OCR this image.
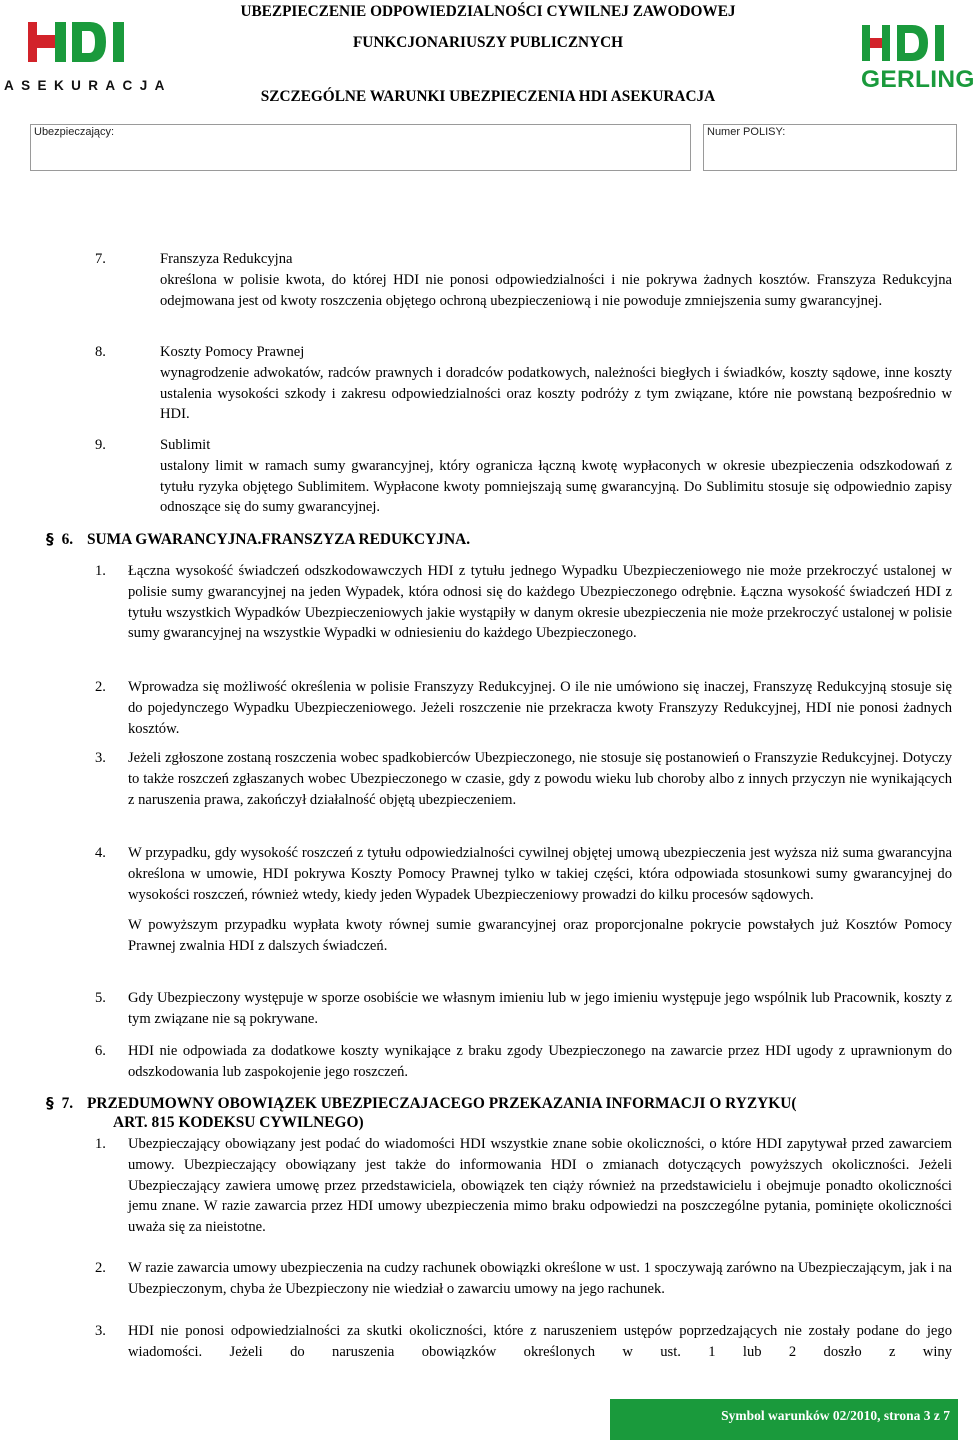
ASEKURACJA
UBEZPIECZENIE ODPOWIEDZIALNOŚCI CYWILNEJ ZAWODOWEJ
FUNKCJONARIUSZY PUBLICZNYCH
SZCZEGÓLNE WARUNKI UBEZPIECZENIA HDI ASEKURACJA
GERLING
Ubezpieczający:	Numer POLISY:
7.	Franszyza Redukcyjna

określona w polisie kwota, do której HDI nie ponosi odpowiedzialności i nie pokrywa żadnych kosztów. Franszyza Redukcyjna odejmowana jest od kwoty roszczenia objętego ochroną ubezpieczeniową i nie powoduje zmniejszenia sumy gwarancyjnej.

8.	Koszty Pomocy Prawnej

wynagrodzenie adwokatów, radców prawnych i doradców podatkowych, należności biegłych i świadków, koszty sądowe, inne koszty ustalenia wysokości szkody i zakresu odpowiedzialności oraz koszty podróży z tym związane, które nie powstaną bezpośrednio w HDI.

9.	Sublimit

ustalony limit w ramach sumy gwarancyjnej, który ogranicza łączną kwotę wypłaconych w okresie ubezpieczenia odszkodowań z tytułu ryzyka objętego Sublimitem. Wypłacone kwoty pomniejszają sumę gwarancyjną. Do Sublimitu stosuje się odpowiednio zapisy odnoszące się do sumy gwarancyjnej.

§ 6. SUMA GWARANCYJNA.FRANSZYZA REDUKCYJNA.
1. Łączna wysokość świadczeń odszkodowawczych HDI z tytułu jednego Wypadku Ubezpieczeniowego nie może przekroczyć ustalonej w polisie sumy gwarancyjnej na jeden Wypadek, która odnosi się do każdego Ubezpieczonego odrębnie. Łączna wysokość świadczeń HDI z tytułu wszystkich Wypadków Ubezpieczeniowych jakie wystąpiły w danym okresie ubezpieczenia nie może przekroczyć ustalonej w polisie sumy gwarancyjnej na wszystkie Wypadki w odniesieniu do każdego Ubezpieczonego.

2. Wprowadza się możliwość określenia w polisie Franszyzy Redukcyjnej. O ile nie umówiono się inaczej, Franszyzę Redukcyjną stosuje się do pojedynczego Wypadku Ubezpieczeniowego. Jeżeli roszczenie nie przekracza kwoty Franszyzy Redukcyjnej, HDI nie ponosi żadnych kosztów.

3. Jeżeli zgłoszone zostaną roszczenia wobec spadkobierców Ubezpieczonego, nie stosuje się postanowień o Franszyzie Redukcyjnej. Dotyczy to także roszczeń zgłaszanych wobec Ubezpieczonego w czasie, gdy z powodu wieku lub choroby albo z innych przyczyn nie wynikających z naruszenia prawa, zakończył działalność objętą ubezpieczeniem.

4. W przypadku, gdy wysokość roszczeń z tytułu odpowiedzialności cywilnej objętej umową ubezpieczenia jest wyższa niż suma gwarancyjna określona w umowie, HDI pokrywa Koszty Pomocy Prawnej tylko w takiej części, która odpowiada stosunkowi sumy gwarancyjnej do wysokości roszczeń, również wtedy, kiedy jeden Wypadek Ubezpieczeniowy prowadzi do kilku procesów sądowych.

W powyższym przypadku wypłata kwoty równej sumie gwarancyjnej oraz proporcjonalne pokrycie powstałych już Kosztów Pomocy Prawnej zwalnia HDI z dalszych świadczeń.

5. Gdy Ubezpieczony występuje w sporze osobiście we własnym imieniu lub w jego imieniu występuje jego wspólnik lub Pracownik, koszty z tym związane nie są pokrywane.

6. HDI nie odpowiada za dodatkowe koszty wynikające z braku zgody Ubezpieczonego na zawarcie przez HDI ugody z uprawnionym do odszkodowania lub zaspokojenie jego roszczeń.

§ 7. PRZEDUMOWNY OBOWIĄZEK UBEZPIECZAJACEGO PRZEKAZANIA INFORMACJI O RYZYKU(
ART. 815 KODEKSU CYWILNEGO)
1. Ubezpieczający obowiązany jest podać do wiadomości HDI wszystkie znane sobie okoliczności, o które HDI zapytywał przed zawarciem umowy. Ubezpieczający obowiązany jest także do informowania HDI o zmianach dotyczących powyższych okoliczności. Jeżeli Ubezpieczający zawiera umowę przez przedstawiciela, obowiązek ten ciąży również na przedstawicielu i obejmuje ponadto okoliczności jemu znane. W razie zawarcia przez HDI umowy ubezpieczenia mimo braku odpowiedzi na poszczególne pytania, pominięte okoliczności uważa się za nieistotne.

2. W razie zawarcia umowy ubezpieczenia na cudzy rachunek obowiązki określone w ust. 1 spoczywają zarówno na Ubezpieczającym, jak i na Ubezpieczonym, chyba że Ubezpieczony nie wiedział o zawarciu umowy na jego rachunek.

3. HDI nie ponosi odpowiedzialności za skutki okoliczności, które z naruszeniem ustępów poprzedzających nie zostały podane do jego wiadomości. Jeżeli do naruszenia obowiązków określonych w ust. 1 lub 2 doszło z winy

Symbol warunków 02/2010, strona 3 z 7
